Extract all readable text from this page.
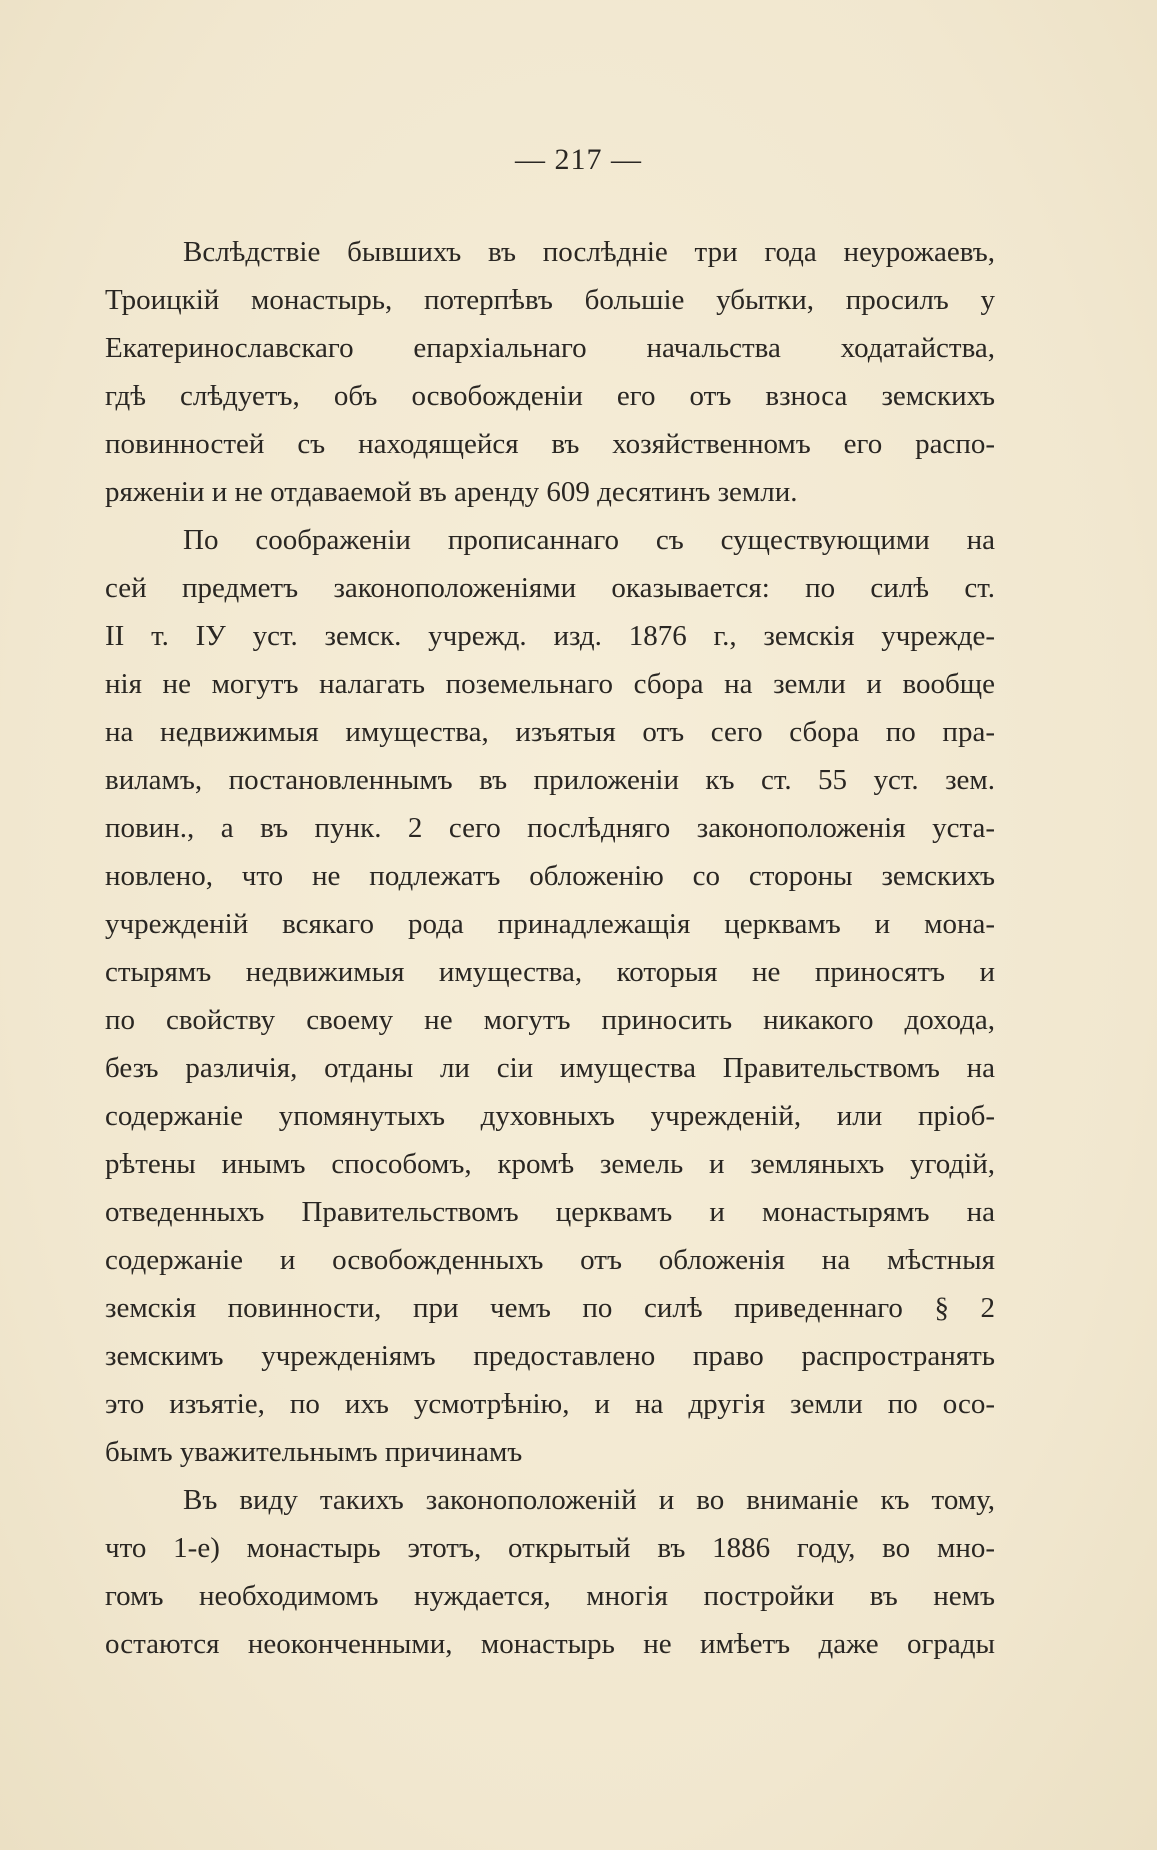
— 217 —
Вслѣдствіе бывшихъ въ послѣдніе три года неурожаевъ,
Троицкій монастырь, потерпѣвъ большіе убытки, просилъ у
Екатеринославскаго епархіальнаго начальства ходатайства,
гдѣ слѣдуетъ, объ освобожденіи его отъ взноса земскихъ
повинностей съ находящейся въ хозяйственномъ его распо-
ряженіи и не отдаваемой въ аренду 609 десятинъ земли.
По соображеніи прописаннаго съ существующими на
сей предметъ законоположеніями оказывается: по силѣ ст.
II т. IУ уст. земск. учрежд. изд. 1876 г., земскія учрежде-
нія не могутъ налагать поземельнаго сбора на земли и вообще
на недвижимыя имущества, изъятыя отъ сего сбора по пра-
виламъ, постановленнымъ въ приложеніи къ ст. 55 уст. зем.
повин., а въ пунк. 2 сего послѣдняго законоположенія уста-
новлено, что не подлежатъ обложенію со стороны земскихъ
учрежденій всякаго рода принадлежащія церквамъ и мона-
стырямъ недвижимыя имущества, которыя не приносятъ и
по свойству своему не могутъ приносить никакого дохода,
безъ различія, отданы ли сіи имущества Правительствомъ на
содержаніе упомянутыхъ духовныхъ учрежденій, или пріоб-
рѣтены инымъ способомъ, кромѣ земель и земляныхъ угодій,
отведенныхъ Правительствомъ церквамъ и монастырямъ на
содержаніе и освобожденныхъ отъ обложенія на мѣстныя
земскія повинности, при чемъ по силѣ приведеннаго § 2
земскимъ учрежденіямъ предоставлено право распространять
это изъятіе, по ихъ усмотрѣнію, и на другія земли по осо-
бымъ уважительнымъ причинамъ
Въ виду такихъ законоположеній и во вниманіе къ тому,
что 1-е) монастырь этотъ, открытый въ 1886 году, во мно-
гомъ необходимомъ нуждается, многія постройки въ немъ
остаются неоконченными, монастырь не имѣетъ даже ограды
